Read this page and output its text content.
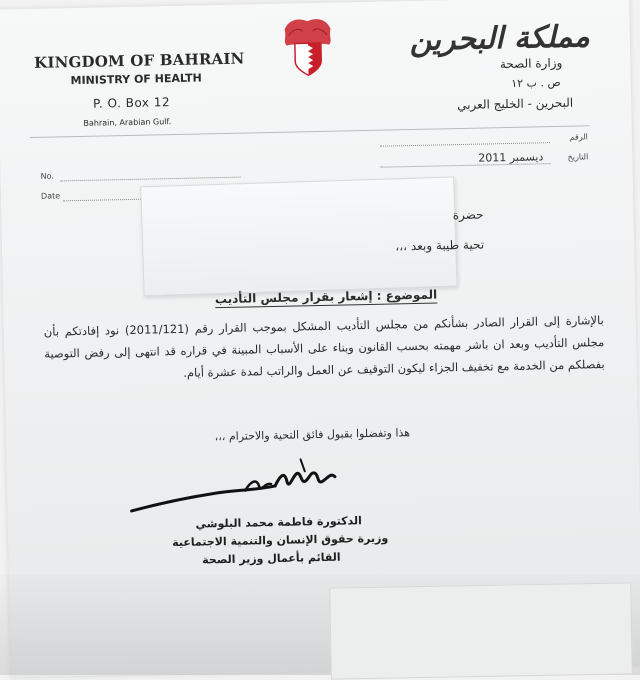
KINGDOM OF BAHRAIN
MINISTRY OF HEALTH
P. O. Box 12
Bahrain, Arabian Gulf.
مملكة البحرين
وزارة الصحة
ص . ب ١٢
البحرين - الخليج العربي
No.
Date
الرقم
التاريخ
ديسمبر 2011
حضرة
تحية طيبة وبعد ،،،
الموضوع : إشعار بقرار مجلس التأديب
بالإشارة إلى القرار الصادر بشأنكم من مجلس التأديب المشكل بموجب القرار رقم (2011/121) نود إفادتكم بأن مجلس التأديب وبعد ان باشر مهمته بحسب القانون وبناء على الأسباب المبينة في قراره قد انتهى إلى رفض التوصية بفصلكم من الخدمة مع تخفيف الجزاء ليكون التوقيف عن العمل والراتب لمدة عشرة أيام.
هذا وتفضلوا بقبول فائق التحية والاحترام ،،،
الدكتورة فاطمة محمد البلوشي
وزيرة حقوق الإنسان والتنمية الاجتماعية
القائم بأعمال وزير الصحة
